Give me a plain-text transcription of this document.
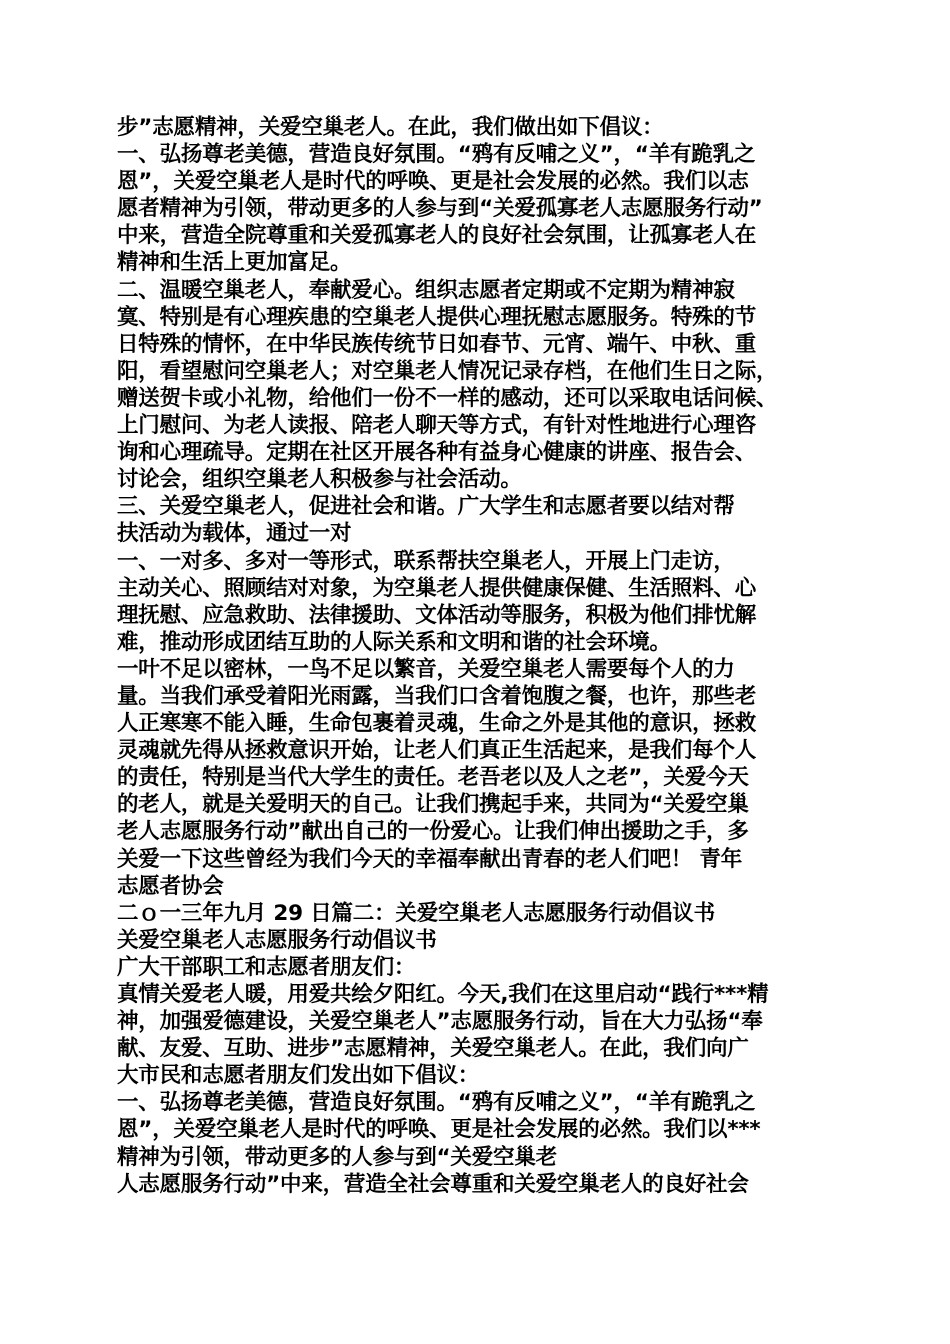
步”志愿精神，关爱空巢老人。在此，我们做出如下倡议：
一、弘扬尊老美德，营造良好氛围。“鸦有反哺之义”，“羊有跪乳之
恩”，关爱空巢老人是时代的呼唤、更是社会发展的必然。我们以志
愿者精神为引领，带动更多的人参与到“关爱孤寡老人志愿服务行动”
中来，营造全院尊重和关爱孤寡老人的良好社会氛围，让孤寡老人在
精神和生活上更加富足。
二、温暖空巢老人，奉献爱心。组织志愿者定期或不定期为精神寂
寞、特别是有心理疾患的空巢老人提供心理抚慰志愿服务。特殊的节
日特殊的情怀，在中华民族传统节日如春节、元宵、端午、中秋、重
阳，看望慰问空巢老人；对空巢老人情况记录存档，在他们生日之际，
赠送贺卡或小礼物，给他们一份不一样的感动，还可以采取电话问候、
上门慰问、为老人读报、陪老人聊天等方式，有针对性地进行心理咨
询和心理疏导。定期在社区开展各种有益身心健康的讲座、报告会、
讨论会，组织空巢老人积极参与社会活动。
三、关爱空巢老人，促进社会和谐。广大学生和志愿者要以结对帮
扶活动为载体，通过一对
一、一对多、多对一等形式，联系帮扶空巢老人，开展上门走访，
主动关心、照顾结对对象，为空巢老人提供健康保健、生活照料、心
理抚慰、应急救助、法律援助、文体活动等服务，积极为他们排忧解
难，推动形成团结互助的人际关系和文明和谐的社会环境。
一叶不足以密林，一鸟不足以繁音，关爱空巢老人需要每个人的力
量。当我们承受着阳光雨露，当我们口含着饱腹之餐，也许，那些老
人正寒寒不能入睡，生命包裹着灵魂，生命之外是其他的意识，拯救
灵魂就先得从拯救意识开始，让老人们真正生活起来，是我们每个人
的责任，特别是当代大学生的责任。老吾老以及人之老”，关爱今天
的老人，就是关爱明天的自己。让我们携起手来，共同为“关爱空巢
老人志愿服务行动”献出自己的一份爱心。让我们伸出援助之手，多
关爱一下这些曾经为我们今天的幸福奉献出青春的老人们吧！ 青年
志愿者协会
二ｏ一三年九月 29 日篇二：关爱空巢老人志愿服务行动倡议书
关爱空巢老人志愿服务行动倡议书
广大干部职工和志愿者朋友们：
真情关爱老人暖，用爱共绘夕阳红。今天,我们在这里启动“践行***精
神，加强爱德建设，关爱空巢老人”志愿服务行动，旨在大力弘扬“奉
献、友爱、互助、进步”志愿精神，关爱空巢老人。在此，我们向广
大市民和志愿者朋友们发出如下倡议：
一、弘扬尊老美德，营造良好氛围。“鸦有反哺之义”，“羊有跪乳之
恩”，关爱空巢老人是时代的呼唤、更是社会发展的必然。我们以***
精神为引领，带动更多的人参与到“关爱空巢老
人志愿服务行动”中来，营造全社会尊重和关爱空巢老人的良好社会
